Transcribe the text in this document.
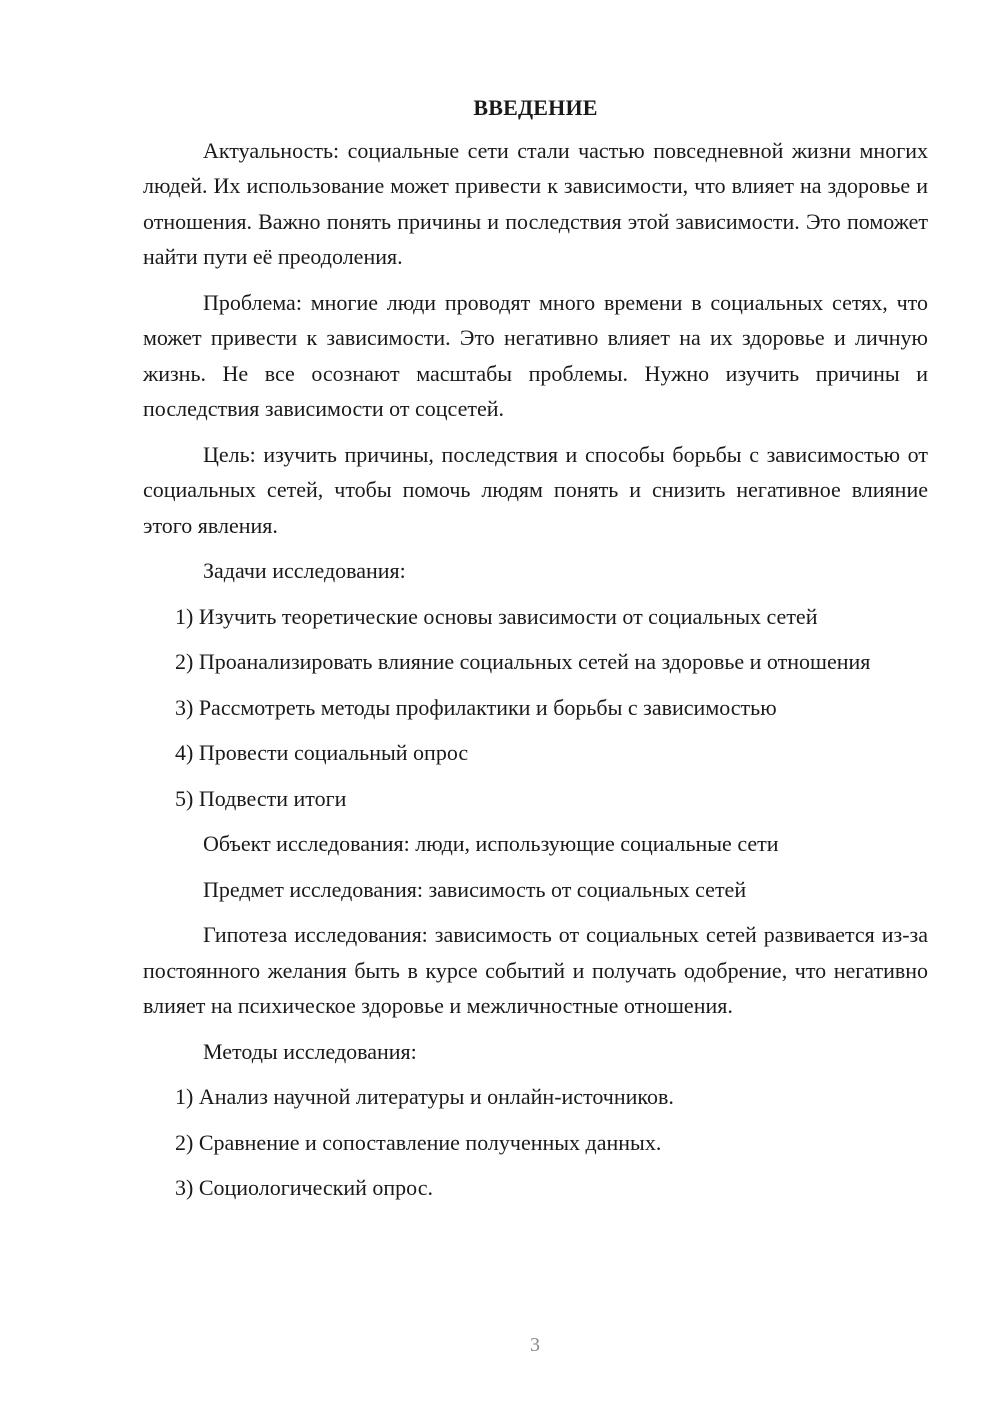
ВВЕДЕНИЕ

Актуальность: социальные сети стали частью повседневной жизни многих людей. Их использование может привести к зависимости, что влияет на здоровье и отношения. Важно понять причины и последствия этой зависимости. Это поможет найти пути её преодоления.

Проблема: многие люди проводят много времени в социальных сетях, что может привести к зависимости. Это негативно влияет на их здоровье и личную жизнь. Не все осознают масштабы проблемы. Нужно изучить причины и последствия зависимости от соцсетей.

Цель: изучить причины, последствия и способы борьбы с зависимостью от социальных сетей, чтобы помочь людям понять и снизить негативное влияние этого явления.

Задачи исследования:

1) Изучить теоретические основы зависимости от социальных сетей

2) Проанализировать влияние социальных сетей на здоровье и отношения

3) Рассмотреть методы профилактики и борьбы с зависимостью

4) Провести социальный опрос

5) Подвести итоги

Объект исследования: люди, использующие социальные сети

Предмет исследования: зависимость от социальных сетей

Гипотеза исследования: зависимость от социальных сетей развивается из-за постоянного желания быть в курсе событий и получать одобрение, что негативно влияет на психическое здоровье и межличностные отношения.

Методы исследования:

1) Анализ научной литературы и онлайн-источников.

2) Сравнение и сопоставление полученных данных.

3) Социологический опрос.

3
